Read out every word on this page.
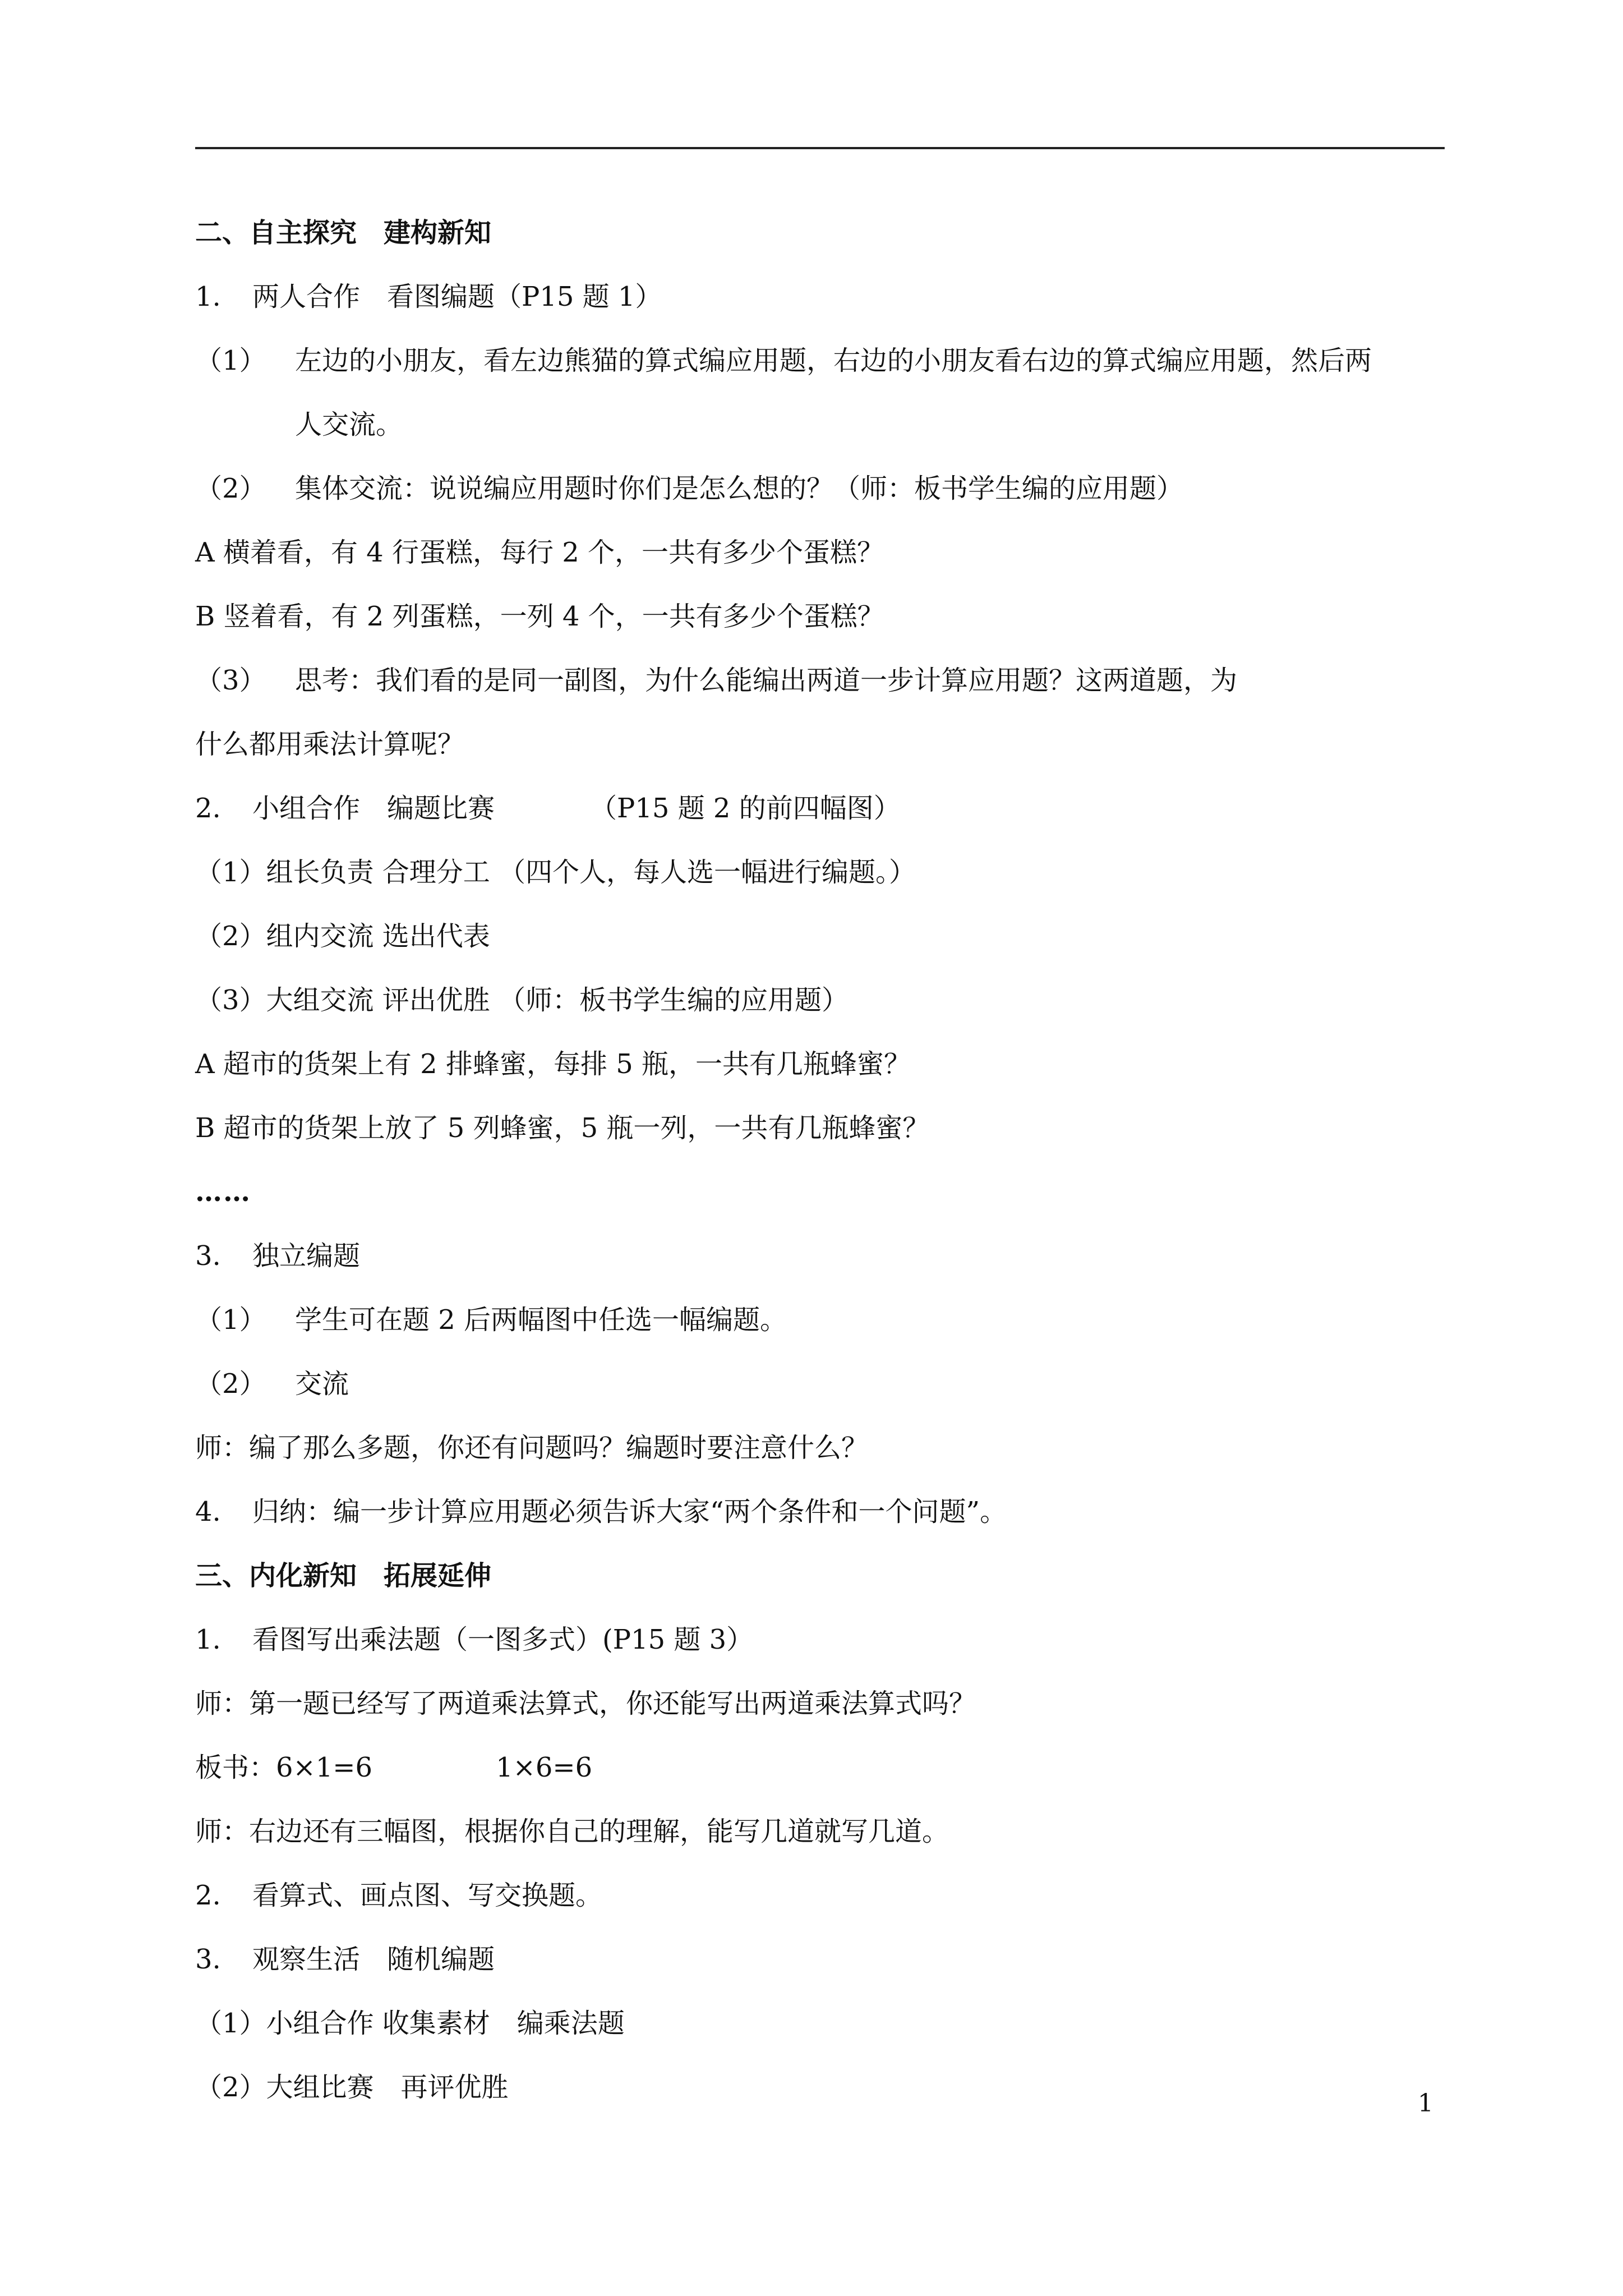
二、自主探究　建构新知
1. 两人合作　看图编题（P15 题 1）
（1） 左边的小朋友，看左边熊猫的算式编应用题，右边的小朋友看右边的算式编应用题，然后两
人交流。
（2） 集体交流：说说编应用题时你们是怎么想的？（师：板书学生编的应用题）
A 横着看，有 4 行蛋糕，每行 2 个，一共有多少个蛋糕？
B 竖着看，有 2 列蛋糕，一列 4 个，一共有多少个蛋糕？
（3） 思考：我们看的是同一副图，为什么能编出两道一步计算应用题？这两道题，为
什么都用乘法计算呢？
2. 小组合作　编题比赛	（P15 题 2 的前四幅图）
（1）组长负责 合理分工 （四个人，每人选一幅进行编题。）
（2）组内交流 选出代表
（3）大组交流 评出优胜 （师：板书学生编的应用题）
A 超市的货架上有 2 排蜂蜜，每排 5 瓶，一共有几瓶蜂蜜？
B 超市的货架上放了 5 列蜂蜜，5 瓶一列，一共有几瓶蜂蜜？
……
3. 独立编题
（1） 学生可在题 2 后两幅图中任选一幅编题。
（2） 交流
师：编了那么多题，你还有问题吗？编题时要注意什么？
4. 归纳：编一步计算应用题必须告诉大家“两个条件和一个问题”。
三、内化新知　拓展延伸
1. 看图写出乘法题（一图多式）(P15 题 3）
师：第一题已经写了两道乘法算式，你还能写出两道乘法算式吗？
板书：6×1=6	1×6=6
师：右边还有三幅图，根据你自己的理解，能写几道就写几道。
2. 看算式、画点图、写交换题。
3. 观察生活　随机编题
（1）小组合作 收集素材　编乘法题
（2）大组比赛　再评优胜
1
